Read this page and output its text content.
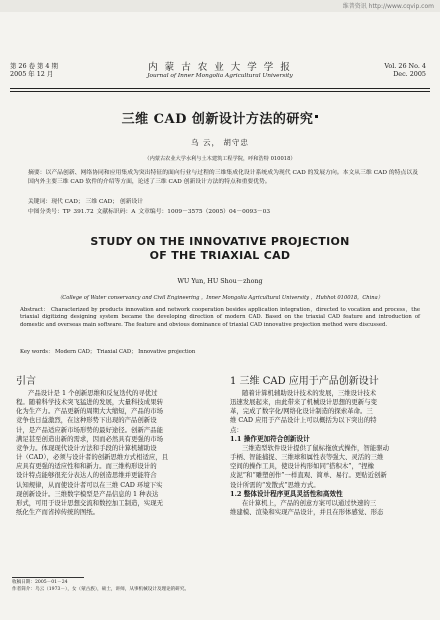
维普资讯 http://www.cqvip.com
第 26 卷 第 4 期
2005 年 12 月
内 蒙 古 农 业 大 学 学 报
Journal of Inner Mongolia Agricultural University
Vol. 26 No. 4
Dec. 2005
三维 CAD 创新设计方法的研究
乌 云， 胡守忠
（内蒙古农业大学水利与土木建筑工程学院，呼和浩特 010018）
摘要：以产品创新、网络协同和应用集成为突出特征的面向行业与过程的三维集成化设计系统成为现代 CAD 的发展方向。本文从三维 CAD 的特点以及国内外主要三维 CAD 软件的介绍等方面，论述了三维 CAD 创新设计方法的特点和重要优势。
关键词：现代 CAD； 三维 CAD； 创新设计
中图分类号：TP 391.72 文献标识码：A 文章编号：1009－3575（2005）04－0093－03
STUDY ON THE INNOVATIVE PROJECTION
OF THE TRIAXIAL CAD
WU Yun, HU Shou－zhong
（College of Water conservancy and Civil Engineering ，Inner Mongolia Agricultural University ，Huhhot 010018，China）
Abstract： Characterized by products innovation and network cooperation besides application integration，directed to vocation and process，the triaxial digitizing designing system became the developing direction of modern CAD. Based on the triaxial CAD feature and introduction of domestic and overseas main software. The feature and obvious dominance of triaxial CAD innovative projection method were discussed.
Key words： Modern CAD； Triaxial CAD； Innovative projection
引言

产品设计是 1 个创新思维和反复迭代的寻优过

程。随着科学技术突飞猛进的发展，大量科技成果转

化为生产力。产品更新的周期大大缩短，产品的市场

竞争也日益激烈，在这种形势下出现的产品创新设

计，是产品适应新市场形势的最好途径。创新产品能

满足甚至创造出新的需求，因而必然具有更强的市场

竞争力。体现现代设计方法和手段的计算机辅助设

计（CAD），必须与设计者的创新思维方式相适应，且

应具有更强的适应性和和新力。而三维构形设计的

设计特点能够很充分表达人的创造思维并更能符合

认知规律，从而使设计者可以在三维 CAD 环境下实

现创新设计。三维数字模型是产品信息的 1 种表达

形式，可用于设计思想交流和数控加工制造，实现无

纸化生产而省掉传统的图纸。

收稿日期：2005－01－24
作者简介：乌云（1973－），女（蒙古族），硕士，讲师，从事机械设计及理论的研究。
1 三维 CAD 应用于产品创新设计

随着计算机辅助设计技术的发展，三维设计技术

迅速发展起来，由此带来了机械设计思想的更新与变

革，完成了数字化/网络化设计制造的探索革命。三

维 CAD 应用于产品设计上可以概括为以下突出的特

点：

1.1 操作更加符合创新设计

三维造型软件设计提供了鼠标拖放式操作，智能驱动

手柄、智能捕捉、三维球和属性表等强大、灵活的三维

空间的操作工具，使设计构形如同“搭积木”，“捏橡

皮泥”和“雕塑创作”一样直观、简单、易行。更贴近创新

设计所需的“发散式”思维方式。

1.2 整体设计程序更具灵活性和高效性

在计算机上，产品的创意方案可以通过快速的三

维建模、渲染和实现产品设计，并且在形体感觉、形态
